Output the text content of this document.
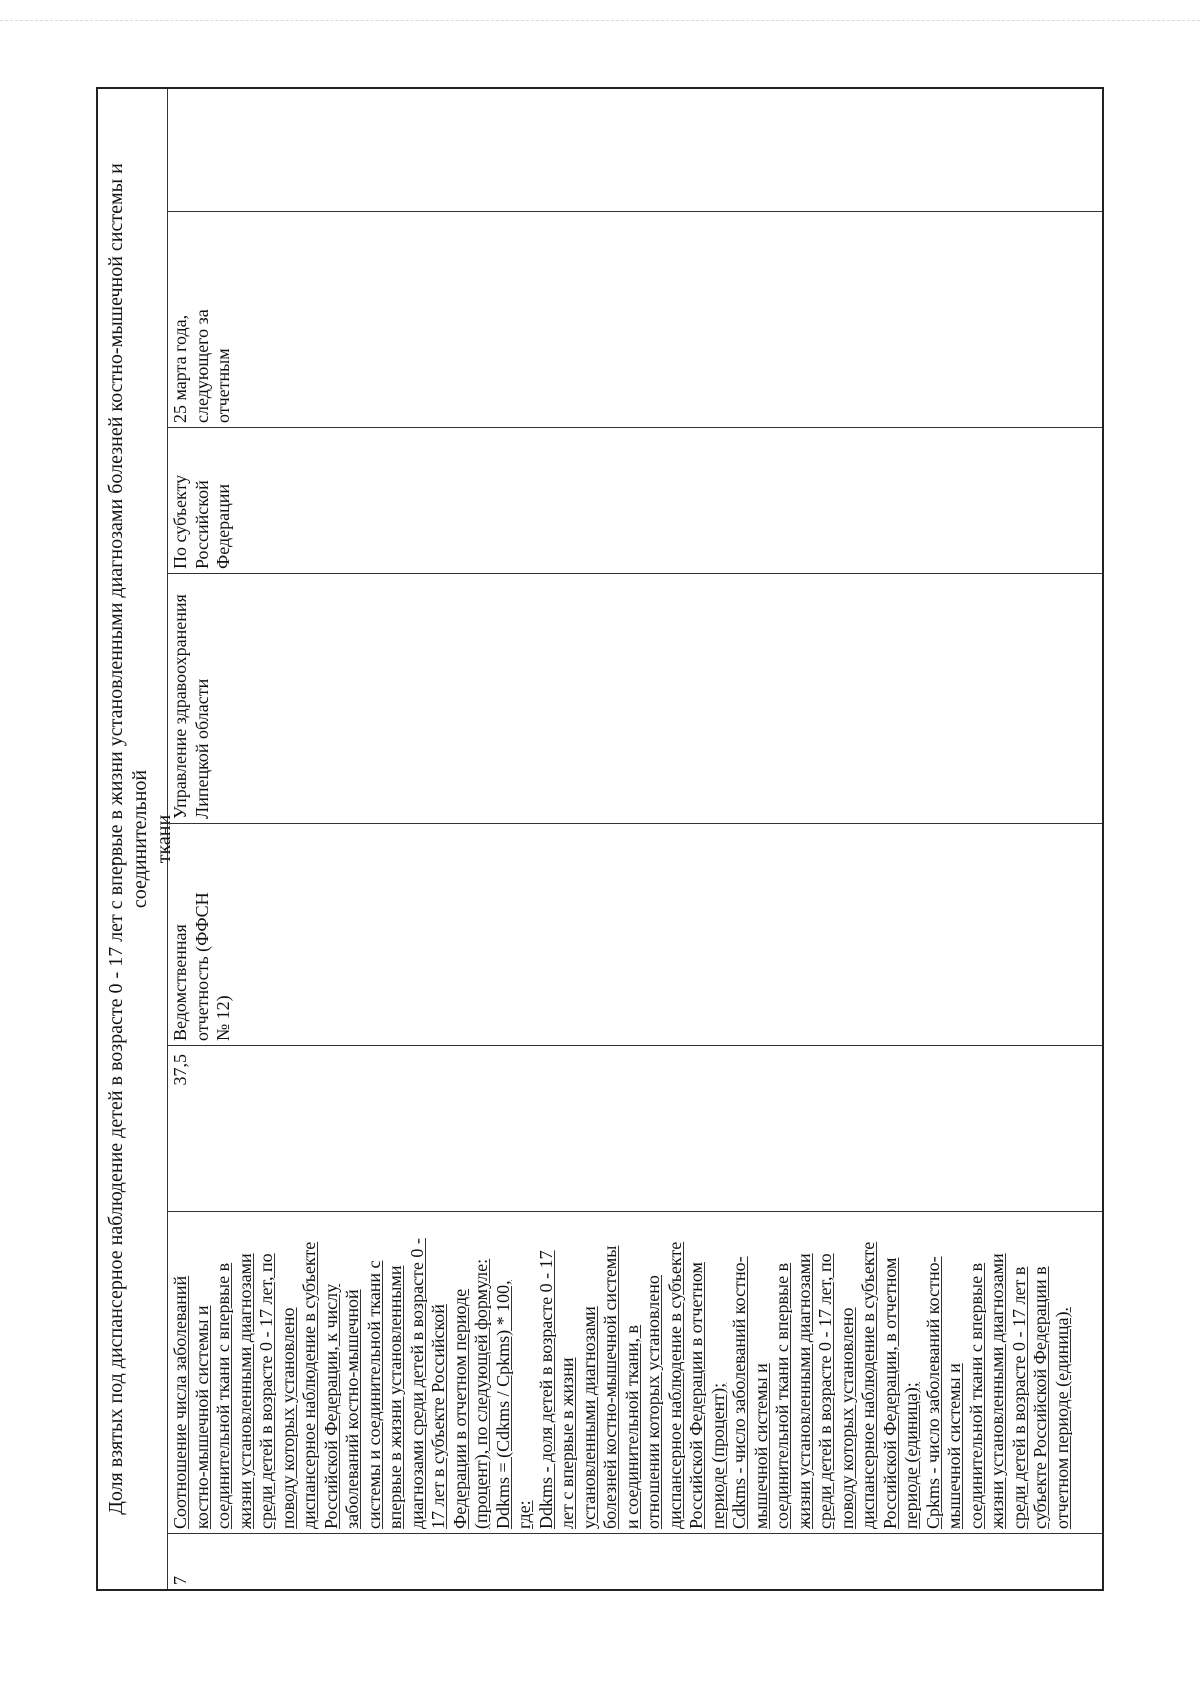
Доля взятых под диспансерное наблюдение детей в возрасте 0 - 17 лет с впервые в жизни установленными диагнозами болезней костно-мышечной системы и соединительной ткани
7
Соотношение числа заболеваний костно-мышечной системы и соединительной ткани с впервые в жизни установленными диагнозами среди детей в возрасте 0 - 17 лет, по поводу которых установлено диспансерное наблюдение в субъекте Российской Федерации, к числу заболеваний костно-мышечной системы и соединительной ткани с впервые в жизни установленными диагнозами среди детей в возрасте 0 - 17 лет в субъекте Российской Федерации в отчетном периоде (процент), по следующей формуле: Ddkms = (Cdkms / Cpkms) * 100, где: Ddkms - доля детей в возрасте 0 - 17 лет с впервые в жизни установленными диагнозами болезней костно-мышечной системы и соединительной ткани, в отношении которых установлено диспансерное наблюдение в субъекте Российской Федерации в отчетном периоде (процент); Cdkms - число заболеваний костно- мышечной системы и соединительной ткани с впервые в жизни установленными диагнозами среди детей в возрасте 0 - 17 лет, по поводу которых установлено диспансерное наблюдение в субъекте Российской Федерации, в отчетном периоде (единица); Cpkms - число заболеваний костно- мышечной системы и соединительной ткани с впервые в жизни установленными диагнозами среди детей в возрасте 0 - 17 лет в субъекте Российской Федерации в отчетном периоде (единица).
37,5
Ведомственная отчетность (ФФСН № 12)
Управление здравоохранения Липецкой области
По субъекту Российской Федерации
25 марта года, следующего за отчетным
